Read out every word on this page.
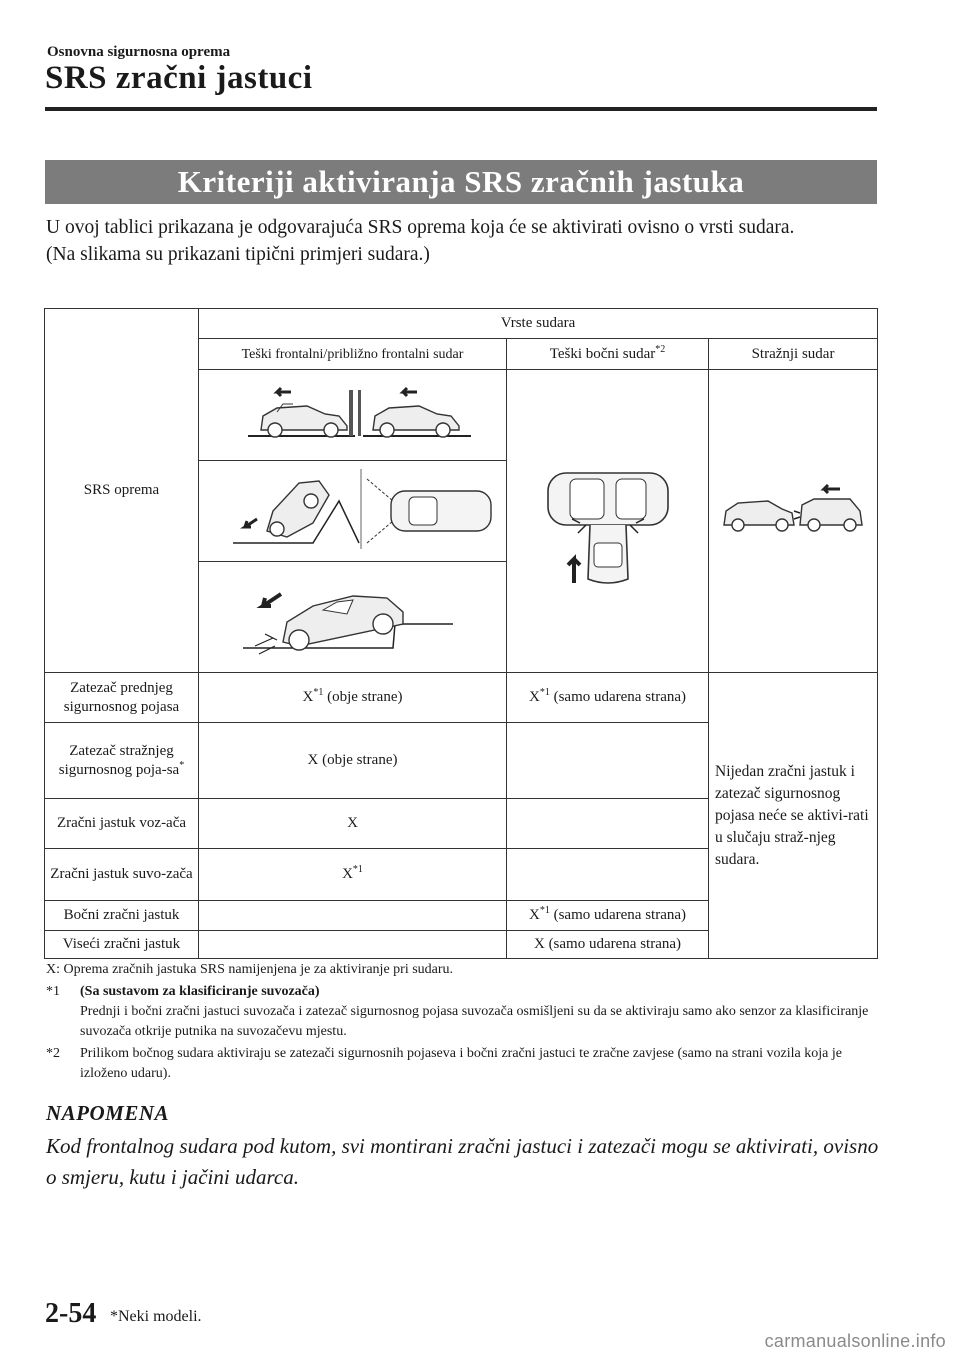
Osnovna sigurnosna oprema
SRS zračni jastuci
Kriteriji aktiviranja SRS zračnih jastuka

U ovoj tablici prikazana je odgovarajuća SRS oprema koja će se aktivirati ovisno o vrsti sudara.

(Na slikama su prikazani tipični primjeri sudara.)

SRS oprema	Vrste sudara		
	Teški frontalni/približno frontalni sudar	Teški bočni sudar$^{*2}$	Stražnji sudar

Zatezač prednjeg sigurnosnog pojasa	$X^{*1}$ (obje strane)	$X^{*1}$ (samo udarena strana)	Nijedan zračni jastuk i zatezač sigurnosnog pojasa neće se aktivi-rati u slučaju straž-njeg sudara.
Zatezač stražnjeg sigurnosnog poja-sa*	X (obje strane)		
Zračni jastuk voz-ača	X		
Zračni jastuk suvo-zača	$X^{*1}$	
Bočni zračni jastuk		$X^{*1}$ (samo udarena strana)	
Viseći zračni jastuk		X (samo udarena strana)	
X: Oprema zračnih jastuka SRS namijenjena je za aktiviranje pri sudaru.
*1 (Sa sustavom za klasificiranje suvozača)
Prednji i bočni zračni jastuci suvozača i zatezač sigurnosnog pojasa suvozača osmišljeni su da se aktiviraju samo ako senzor za klasificiranje suvozača otkrije putnika na suvozačevu mjestu.
*2 Prilikom bočnog sudara aktiviraju se zatezači sigurnosnih pojaseva i bočni zračni jastuci te zračne zavjese (samo na strani vozila koja je izloženo udaru).
NAPOMENA
Kod frontalnog sudara pod kutom, svi montirani zračni jastuci i zatezači mogu se aktivirati, ovisno o smjeru, kutu i jačini udarca.
2-54 *Neki modeli.
carmanualsonline.info
